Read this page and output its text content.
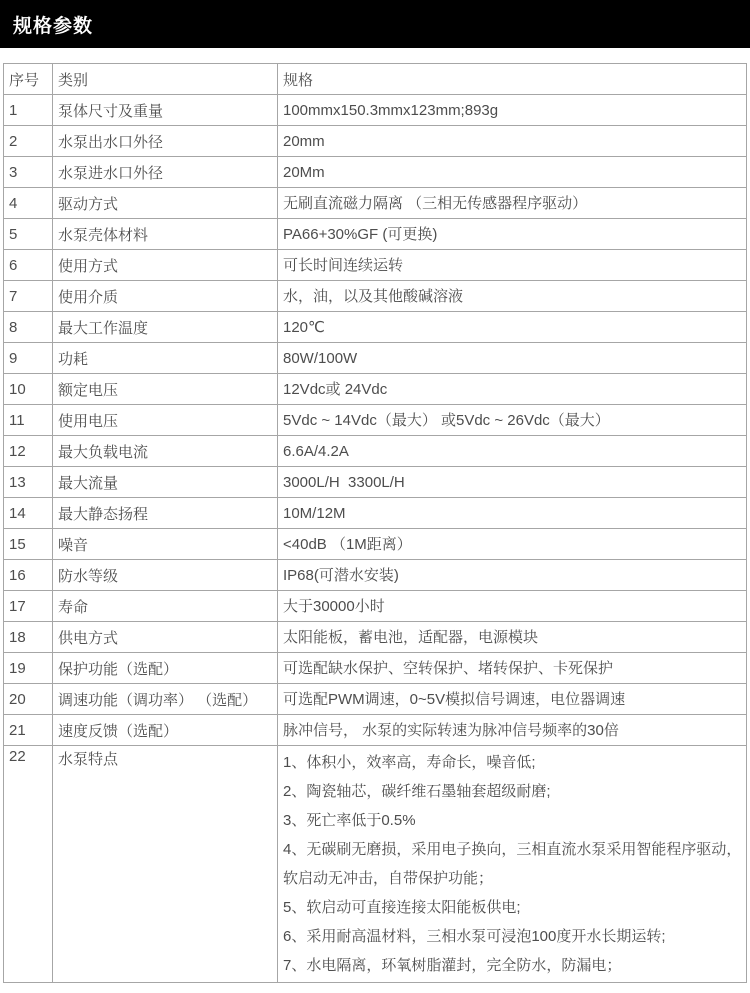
规格参数
序号	类别	规格
1	泵体尺寸及重量	100mmx150.3mmx123mm;893g

2	水泵出水口外径	20mm

3	水泵进水口外径	20Mm

4	驱动方式	无刷直流磁力隔离 （三相无传感器程序驱动）

5	水泵壳体材料	PA66+30%GF (可更换)

6	使用方式	可长时间连续运转

7	使用介质	水，油，以及其他酸碱溶液

8	最大工作温度	120℃

9	功耗	80W/100W

10	额定电压	12Vdc或 24Vdc

11	使用电压	5Vdc ~ 14Vdc（最大） 或5Vdc ~ 26Vdc（最大）

12	最大负载电流	6.6A/4.2A

13	最大流量	3000L/H  3300L/H

14	最大静态扬程	10M/12M

15	噪音	<40dB （1M距离）

16	防水等级	IP68(可潜水安装)

17	寿命	大于30000小时

18	供电方式	太阳能板，蓄电池，适配器，电源模块

19	保护功能（选配）	可选配缺水保护、空转保护、堵转保护、卡死保护

20	调速功能（调功率） （选配）	可选配PWM调速，0~5V模拟信号调速，电位器调速

21	速度反馈（选配）	脉冲信号， 水泵的实际转速为脉冲信号频率的30倍

22	水泵特点	1、体积小，效率高，寿命长，噪音低;
2、陶瓷轴芯，碳纤维石墨轴套超级耐磨;
3、死亡率低于0.5%
4、无碳刷无磨损，采用电子换向，三相直流水泵采用智能程序驱动，软启动无冲击，自带保护功能；
5、软启动可直接连接太阳能板供电;
6、采用耐高温材料，三相水泵可浸泡100度开水长期运转;
7、水电隔离，环氧树脂灌封，完全防水，防漏电；
